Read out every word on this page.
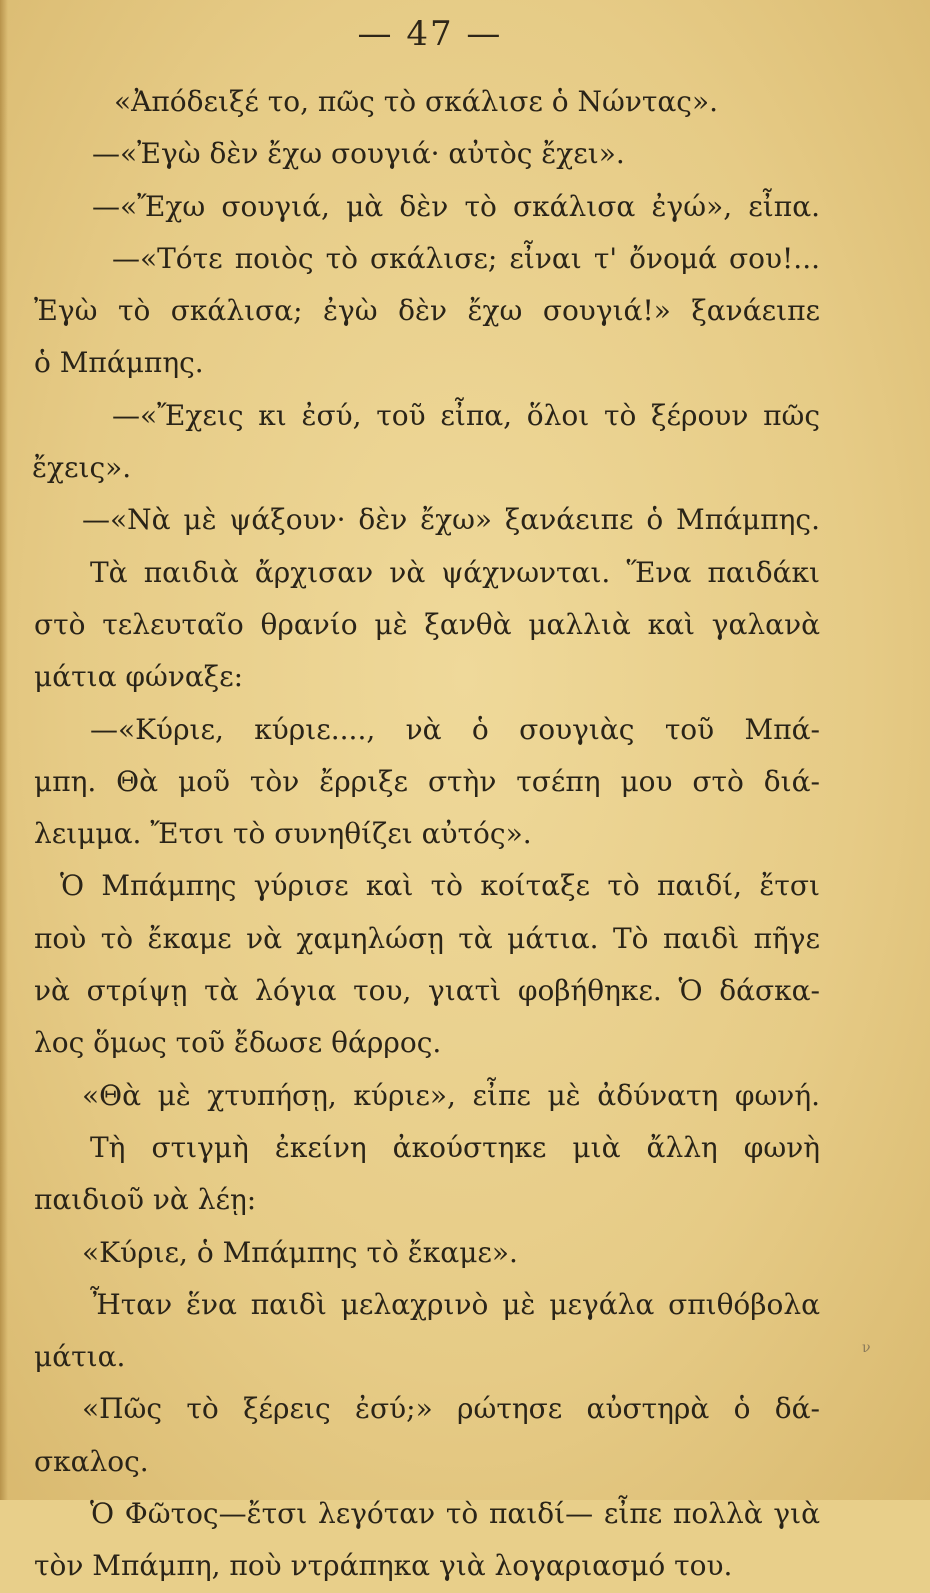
— 47 —
«Ἀπόδειξέ το, πῶς τὸ σκάλισε ὁ Νώντας».
—«Ἐγὼ δὲν ἔχω σουγιά· αὐτὸς ἔχει».
—«Ἔχω σουγιά, μὰ δὲν τὸ σκάλισα ἐγώ», εἶπα.
—«Τότε ποιὸς τὸ σκάλισε; εἶναι τ' ὄνομά σου!...
Ἐγὼ τὸ σκάλισα; ἐγὼ δὲν ἔχω σουγιά!» ξανάειπε
ὁ Μπάμπης.
—«Ἔχεις κι ἐσύ, τοῦ εἶπα, ὅλοι τὸ ξέρουν πῶς
ἔχεις».
—«Νὰ μὲ ψάξουν· δὲν ἔχω» ξανάειπε ὁ Μπάμπης.
Τὰ παιδιὰ ἄρχισαν νὰ ψάχνωνται. Ἕνα παιδάκι
στὸ τελευταῖο θρανίο μὲ ξανθὰ μαλλιὰ καὶ γαλανὰ
μάτια φώναξε:
—«Κύριε, κύριε...., νὰ ὁ σουγιὰς τοῦ Μπά-
μπη. Θὰ μοῦ τὸν ἔρριξε στὴν τσέπη μου στὸ διά-
λειμμα. Ἔτσι τὸ συνηθίζει αὐτός».
Ὁ Μπάμπης γύρισε καὶ τὸ κοίταξε τὸ παιδί, ἔτσι
ποὺ τὸ ἔκαμε νὰ χαμηλώσῃ τὰ μάτια. Τὸ παιδὶ πῆγε
νὰ στρίψῃ τὰ λόγια του, γιατὶ φοβήθηκε. Ὁ δάσκα-
λος ὅμως τοῦ ἔδωσε θάρρος.
«Θὰ μὲ χτυπήσῃ, κύριε», εἶπε μὲ ἀδύνατη φωνή.
Τὴ στιγμὴ ἐκείνη ἀκούστηκε μιὰ ἄλλη φωνὴ
παιδιοῦ νὰ λέῃ:
«Κύριε, ὁ Μπάμπης τὸ ἔκαμε».
Ἦταν ἕνα παιδὶ μελαχρινὸ μὲ μεγάλα σπιθόβολα
μάτια.
«Πῶς τὸ ξέρεις ἐσύ;» ρώτησε αὐστηρὰ ὁ δά-
σκαλος.
Ὁ Φῶτος—ἔτσι λεγόταν τὸ παιδί— εἶπε πολλὰ γιὰ
τὸν Μπάμπη, ποὺ ντράπηκα γιὰ λογαριασμό του.
ν
